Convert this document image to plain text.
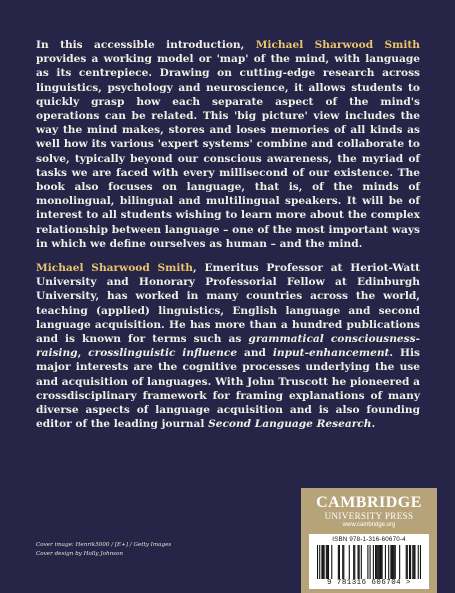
In this accessible introduction, Michael Sharwood Smith provides a working model or 'map' of the mind, with language as its centrepiece. Drawing on cutting-edge research across linguistics, psychology and neuroscience, it allows students to quickly grasp how each separate aspect of the mind's operations can be related. This 'big picture' view includes the way the mind makes, stores and loses memories of all kinds as well how its various 'expert systems' combine and collaborate to solve, typically beyond our conscious awareness, the myriad of tasks we are faced with every millisecond of our existence. The book also focuses on language, that is, of the minds of monolingual, bilingual and multilingual speakers. It will be of interest to all students wishing to learn more about the complex relationship between language – one of the most important ways in which we define ourselves as human – and the mind.

Michael Sharwood Smith, Emeritus Professor at Heriot-Watt University and Honorary Professorial Fellow at Edinburgh University, has worked in many countries across the world, teaching (applied) linguistics, English language and second language acquisition. He has more than a hundred publications and is known for terms such as grammatical consciousness-raising, crosslinguistic influence and input-enhancement. His major interests are the cognitive processes underlying the use and acquisition of languages. With John Truscott he pioneered a crossdisciplinary framework for framing explanations of many diverse aspects of language acquisition and is also founding editor of the leading journal Second Language Research.

Cover image: Henrik5000 / [E+] / Getty Images
Cover design by Holly Johnson
CAMBRIDGE
UNIVERSITY PRESS
www.cambridge.org
ISBN 978-1-316-60670-4
9 781316 606704 >
